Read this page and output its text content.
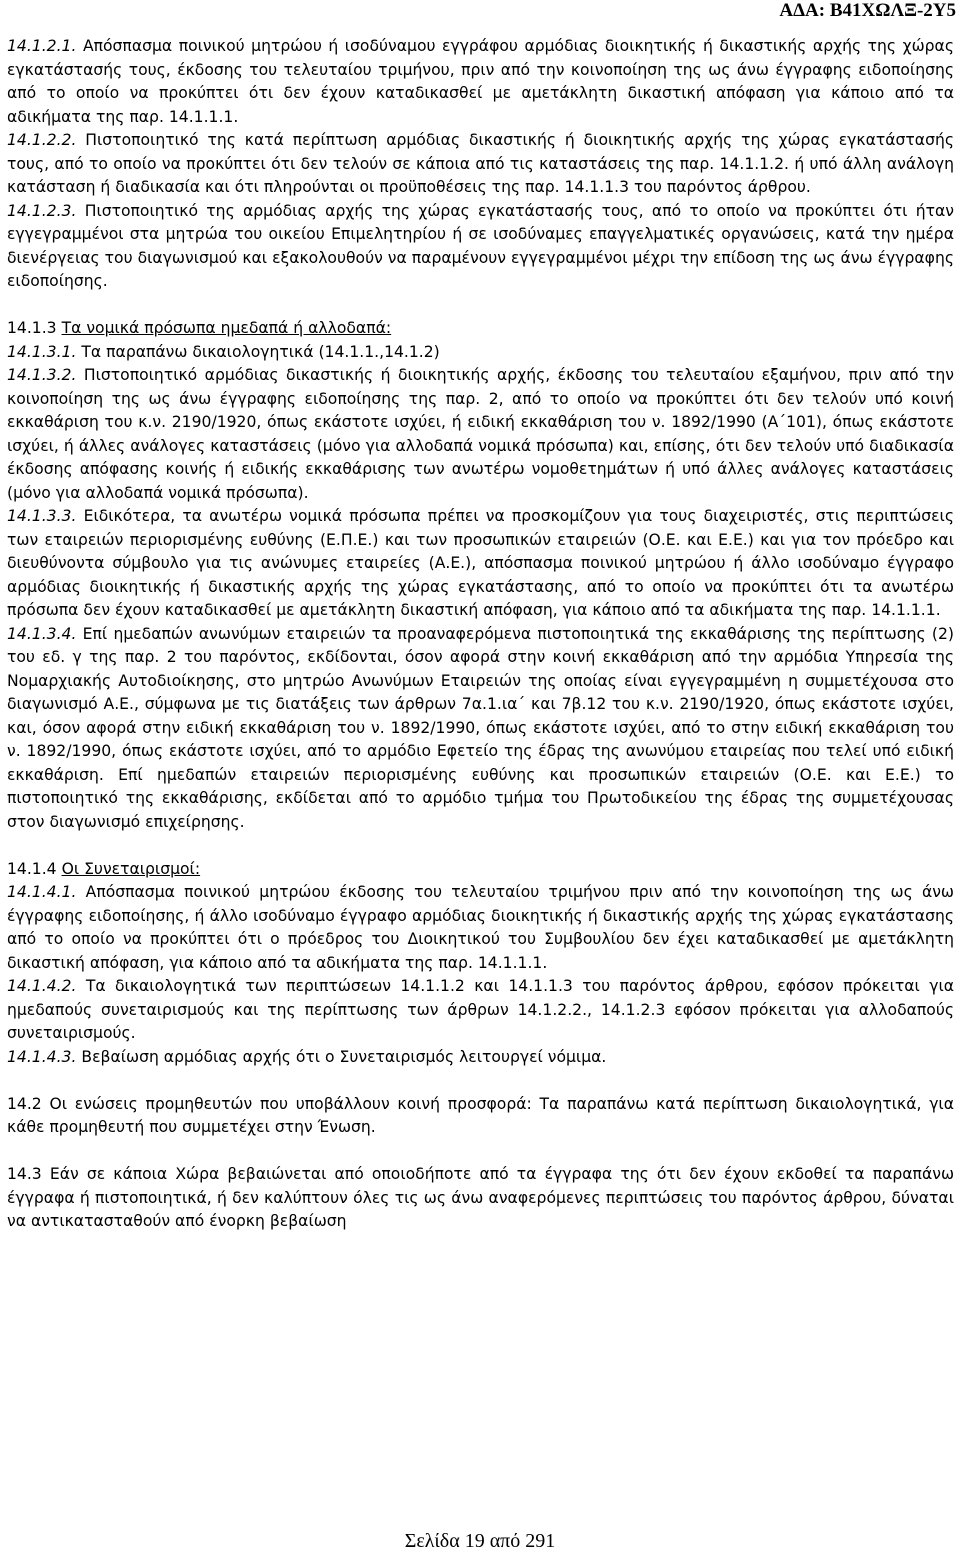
ΑΔΑ: Β41ΧΩΛΞ-2Υ5

14.1.2.1. Απόσπασμα ποινικού μητρώου ή ισοδύναμου εγγράφου αρμόδιας διοικητικής ή δικαστικής αρχής της χώρας εγκατάστασής τους, έκδοσης του τελευταίου τριμήνου, πριν από την κοινοποίηση της ως άνω έγγραφης ειδοποίησης από το οποίο να προκύπτει ότι δεν έχουν καταδικασθεί με αμετάκλητη δικαστική απόφαση για κάποιο από τα αδικήματα της παρ. 14.1.1.1.

14.1.2.2. Πιστοποιητικό της κατά περίπτωση αρμόδιας δικαστικής ή διοικητικής αρχής της χώρας εγκατάστασής τους, από το οποίο να προκύπτει ότι δεν τελούν σε κάποια από τις καταστάσεις της παρ. 14.1.1.2. ή υπό άλλη ανάλογη κατάσταση ή διαδικασία και ότι πληρούνται οι προϋποθέσεις της παρ. 14.1.1.3 του παρόντος άρθρου.

14.1.2.3. Πιστοποιητικό της αρμόδιας αρχής της χώρας εγκατάστασής τους, από το οποίο να προκύπτει ότι ήταν εγγεγραμμένοι στα μητρώα του οικείου Επιμελητηρίου ή σε ισοδύναμες επαγγελματικές οργανώσεις, κατά την ημέρα διενέργειας του διαγωνισμού και εξακολουθούν να παραμένουν εγγεγραμμένοι μέχρι την επίδοση της ως άνω έγγραφης ειδοποίησης.

14.1.3 Τα νομικά πρόσωπα ημεδαπά ή αλλοδαπά:

14.1.3.1. Τα παραπάνω δικαιολογητικά (14.1.1.,14.1.2)

14.1.3.2. Πιστοποιητικό αρμόδιας δικαστικής ή διοικητικής αρχής, έκδοσης του τελευταίου εξαμήνου, πριν από την κοινοποίηση της ως άνω έγγραφης ειδοποίησης της παρ. 2, από το οποίο να προκύπτει ότι δεν τελούν υπό κοινή εκκαθάριση του κ.ν. 2190/1920, όπως εκάστοτε ισχύει, ή ειδική εκκαθάριση του ν. 1892/1990 (Α΄101), όπως εκάστοτε ισχύει, ή άλλες ανάλογες καταστάσεις (μόνο για αλλοδαπά νομικά πρόσωπα) και, επίσης, ότι δεν τελούν υπό διαδικασία έκδοσης απόφασης κοινής ή ειδικής εκκαθάρισης των ανωτέρω νομοθετημάτων ή υπό άλλες ανάλογες καταστάσεις (μόνο για αλλοδαπά νομικά πρόσωπα).

14.1.3.3. Ειδικότερα, τα ανωτέρω νομικά πρόσωπα πρέπει να προσκομίζουν για τους διαχειριστές, στις περιπτώσεις των εταιρειών περιορισμένης ευθύνης (Ε.Π.Ε.) και των προσωπικών εταιρειών (Ο.Ε. και Ε.Ε.) και για τον πρόεδρο και διευθύνοντα σύμβουλο για τις ανώνυμες εταιρείες (Α.Ε.), απόσπασμα ποινικού μητρώου ή άλλο ισοδύναμο έγγραφο αρμόδιας διοικητικής ή δικαστικής αρχής της χώρας εγκατάστασης, από το οποίο να προκύπτει ότι τα ανωτέρω πρόσωπα δεν έχουν καταδικασθεί με αμετάκλητη δικαστική απόφαση, για κάποιο από τα αδικήματα της παρ. 14.1.1.1.

14.1.3.4. Επί ημεδαπών ανωνύμων εταιρειών τα προαναφερόμενα πιστοποιητικά της εκκαθάρισης της περίπτωσης (2) του εδ. γ της παρ. 2 του παρόντος, εκδίδονται, όσον αφορά στην κοινή εκκαθάριση από την αρμόδια Υπηρεσία της Νομαρχιακής Αυτοδιοίκησης, στο μητρώο Ανωνύμων Εταιρειών της οποίας είναι εγγεγραμμένη η συμμετέχουσα στο διαγωνισμό Α.Ε., σύμφωνα με τις διατάξεις των άρθρων 7α.1.ια΄ και 7β.12 του κ.ν. 2190/1920, όπως εκάστοτε ισχύει, και, όσον αφορά στην ειδική εκκαθάριση του ν. 1892/1990, όπως εκάστοτε ισχύει, από το στην ειδική εκκαθάριση του ν. 1892/1990, όπως εκάστοτε ισχύει, από το αρμόδιο Εφετείο της έδρας της ανωνύμου εταιρείας που τελεί υπό ειδική εκκαθάριση. Επί ημεδαπών εταιρειών περιορισμένης ευθύνης και προσωπικών εταιρειών (Ο.Ε. και Ε.Ε.) το πιστοποιητικό της εκκαθάρισης, εκδίδεται από το αρμόδιο τμήμα του Πρωτοδικείου της έδρας της συμμετέχουσας στον διαγωνισμό επιχείρησης.

14.1.4 Οι Συνεταιρισμοί:

14.1.4.1. Απόσπασμα ποινικού μητρώου έκδοσης του τελευταίου τριμήνου πριν από την κοινοποίηση της ως άνω έγγραφης ειδοποίησης, ή άλλο ισοδύναμο έγγραφο αρμόδιας διοικητικής ή δικαστικής αρχής της χώρας εγκατάστασης από το οποίο να προκύπτει ότι ο πρόεδρος του Διοικητικού του Συμβουλίου δεν έχει καταδικασθεί με αμετάκλητη δικαστική απόφαση, για κάποιο από τα αδικήματα της παρ. 14.1.1.1.

14.1.4.2. Τα δικαιολογητικά των περιπτώσεων 14.1.1.2 και 14.1.1.3 του παρόντος άρθρου, εφόσον πρόκειται για ημεδαπούς συνεταιρισμούς και της περίπτωσης των άρθρων 14.1.2.2., 14.1.2.3 εφόσον πρόκειται για αλλοδαπούς συνεταιρισμούς.

14.1.4.3. Βεβαίωση αρμόδιας αρχής ότι ο Συνεταιρισμός λειτουργεί νόμιμα.

14.2 Οι ενώσεις προμηθευτών που υποβάλλουν κοινή προσφορά: Τα παραπάνω κατά περίπτωση δικαιολογητικά, για κάθε προμηθευτή που συμμετέχει στην Ένωση.

14.3 Εάν σε κάποια Χώρα βεβαιώνεται από οποιοδήποτε από τα έγγραφα της ότι δεν έχουν εκδοθεί τα παραπάνω έγγραφα ή πιστοποιητικά, ή δεν καλύπτουν όλες τις ως άνω αναφερόμενες περιπτώσεις του παρόντος άρθρου, δύναται να αντικατασταθούν από ένορκη βεβαίωση

Σελίδα 19 από 291
